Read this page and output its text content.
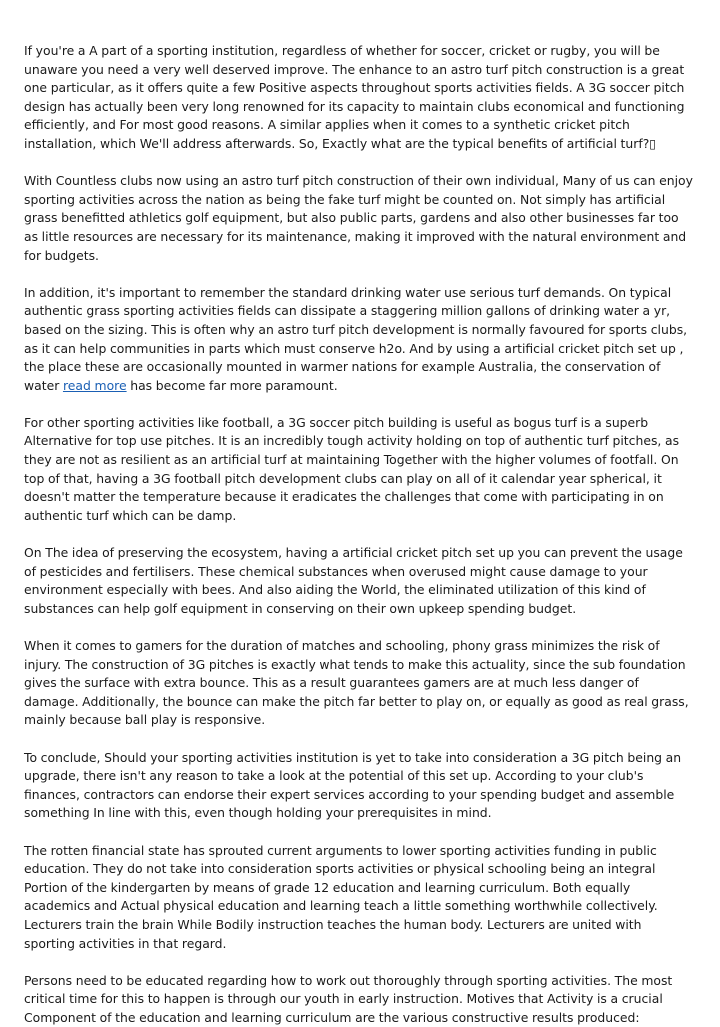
If you're a A part of a sporting institution, regardless of whether for soccer, cricket or rugby, you will be unaware you need a very well deserved improve. The enhance to an astro turf pitch construction is a great one particular, as it offers quite a few Positive aspects throughout sports activities fields. A 3G soccer pitch design has actually been very long renowned for its capacity to maintain clubs economical and functioning efficiently, and For most good reasons. A similar applies when it comes to a synthetic cricket pitch installation, which We'll address afterwards. So, Exactly what are the typical benefits of artificial turf?▯

With Countless clubs now using an astro turf pitch construction of their own individual, Many of us can enjoy sporting activities across the nation as being the fake turf might be counted on. Not simply has artificial grass benefitted athletics golf equipment, but also public parts, gardens and also other businesses far too as little resources are necessary for its maintenance, making it improved with the natural environment and for budgets.

In addition, it's important to remember the standard drinking water use serious turf demands. On typical authentic grass sporting activities fields can dissipate a staggering million gallons of drinking water a yr, based on the sizing. This is often why an astro turf pitch development is normally favoured for sports clubs, as it can help communities in parts which must conserve h2o. And by using a artificial cricket pitch set up , the place these are occasionally mounted in warmer nations for example Australia, the conservation of water read more has become far more paramount.

For other sporting activities like football, a 3G soccer pitch building is useful as bogus turf is a superb Alternative for top use pitches. It is an incredibly tough activity holding on top of authentic turf pitches, as they are not as resilient as an artificial turf at maintaining Together with the higher volumes of footfall. On top of that, having a 3G football pitch development clubs can play on all of it calendar year spherical, it doesn't matter the temperature because it eradicates the challenges that come with participating in on authentic turf which can be damp.

On The idea of preserving the ecosystem, having a artificial cricket pitch set up you can prevent the usage of pesticides and fertilisers. These chemical substances when overused might cause damage to your environment especially with bees. And also aiding the World, the eliminated utilization of this kind of substances can help golf equipment in conserving on their own upkeep spending budget.

When it comes to gamers for the duration of matches and schooling, phony grass minimizes the risk of injury. The construction of 3G pitches is exactly what tends to make this actuality, since the sub foundation gives the surface with extra bounce. This as a result guarantees gamers are at much less danger of damage. Additionally, the bounce can make the pitch far better to play on, or equally as good as real grass, mainly because ball play is responsive.

To conclude, Should your sporting activities institution is yet to take into consideration a 3G pitch being an upgrade, there isn't any reason to take a look at the potential of this set up. According to your club's finances, contractors can endorse their expert services according to your spending budget and assemble something In line with this, even though holding your prerequisites in mind.

The rotten financial state has sprouted current arguments to lower sporting activities funding in public education. They do not take into consideration sports activities or physical schooling being an integral Portion of the kindergarten by means of grade 12 education and learning curriculum. Both equally academics and Actual physical education and learning teach a little something worthwhile collectively. Lecturers train the brain While Bodily instruction teaches the human body. Lecturers are united with sporting activities in that regard.

Persons need to be educated regarding how to work out thoroughly through sporting activities. The most critical time for this to happen is through our youth in early instruction. Motives that Activity is a crucial Component of the education and learning curriculum are the various constructive results produced:
